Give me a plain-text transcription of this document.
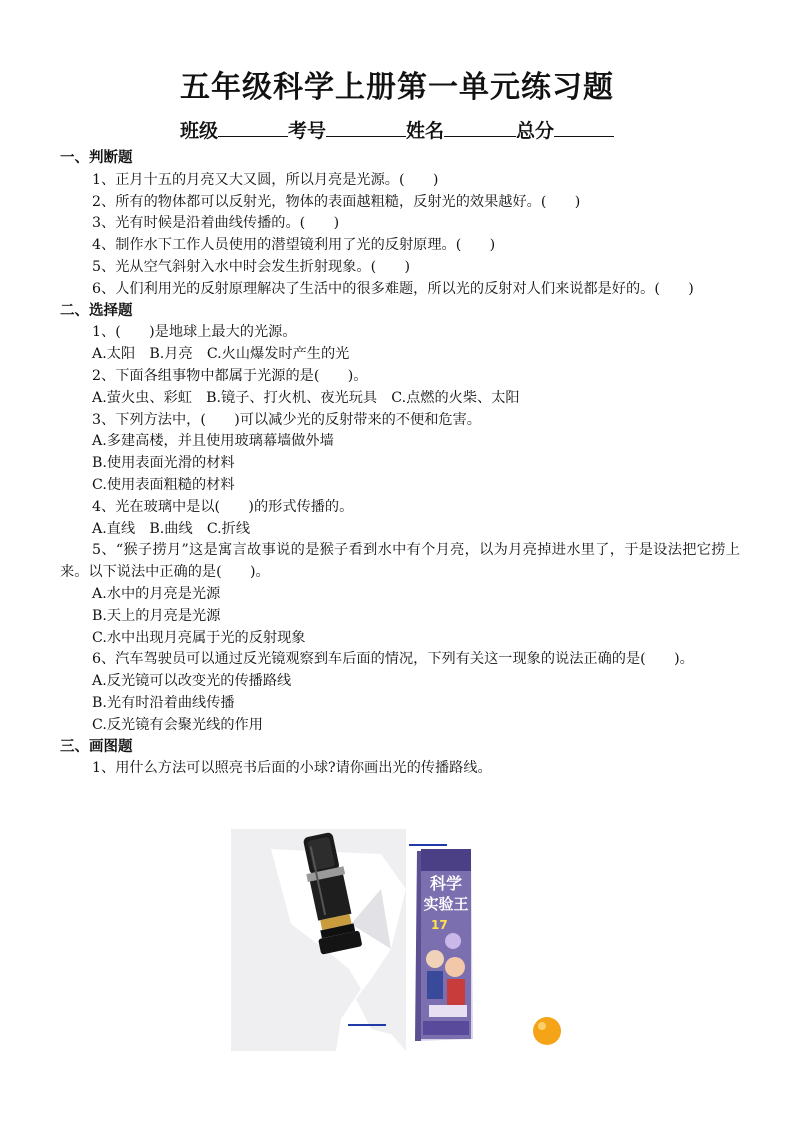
五年级科学上册第一单元练习题
班级	考号	姓名	总分
一、判断题
1、正月十五的月亮又大又圆，所以月亮是光源。(　　)
2、所有的物体都可以反射光，物体的表面越粗糙，反射光的效果越好。(　　)
3、光有时候是沿着曲线传播的。(　　)
4、制作水下工作人员使用的潜望镜利用了光的反射原理。(　　)
5、光从空气斜射入水中时会发生折射现象。(　　)
6、人们利用光的反射原理解决了生活中的很多难题，所以光的反射对人们来说都是好的。(　　)
二、选择题
1、(　　)是地球上最大的光源。
A.太阳　B.月亮　C.火山爆发时产生的光
2、下面各组事物中都属于光源的是(　　)。
A.萤火虫、彩虹　B.镜子、打火机、夜光玩具　C.点燃的火柴、太阳
3、下列方法中，(　　)可以减少光的反射带来的不便和危害。
A.多建高楼，并且使用玻璃幕墙做外墙
B.使用表面光滑的材料
C.使用表面粗糙的材料
4、光在玻璃中是以(　　)的形式传播的。
A.直线　B.曲线　C.折线
5、“猴子捞月”这是寓言故事说的是猴子看到水中有个月亮，以为月亮掉进水里了，于是设法把它捞上来。以下说法中正确的是(　　)。
A.水中的月亮是光源
B.天上的月亮是光源
C.水中出现月亮属于光的反射现象
6、汽车驾驶员可以通过反光镜观察到车后面的情况，下列有关这一现象的说法正确的是(　　)。
A.反光镜可以改变光的传播路线
B.光有时沿着曲线传播
C.反光镜有会聚光线的作用
三、画图题
1、用什么方法可以照亮书后面的小球?请你画出光的传播路线。
科学
实验王
17
